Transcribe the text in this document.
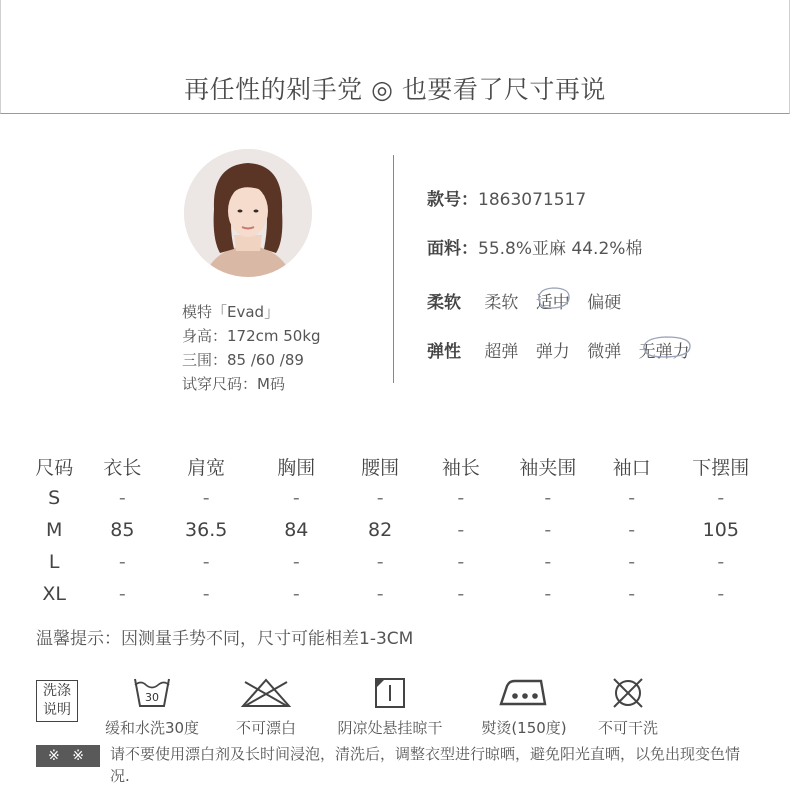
再任性的剁手党 ◎ 也要看了尺寸再说
模特「Evad」
身高：172cm 50kg
三围：85 /60 /89
试穿尺码：M码
款号：1863071517
面料：55.8%亚麻 44.2%棉
柔软 柔软 适中 偏硬
弹性 超弹 弹力 微弹 无弹力
尺码	衣长	肩宽	胸围	腰围	袖长	袖夹围	袖口	下摆围
S	-	-	-	-	-	-	-	-
M	85	36.5	84	82	-	-	-	105
L	-	-	-	-	-	-	-	-
XL	-	-	-	-	-	-	-	-
温馨提示：因测量手势不同，尺寸可能相差1-3CM
洗涤
说明
30
缓和水洗30度	不可漂白	阴凉处悬挂晾干	熨烫(150度)	不可干洗
※ ※	请不要使用漂白剂及长时间浸泡，清洗后，调整衣型进行晾晒，避免阳光直晒，以免出现变色情况.
